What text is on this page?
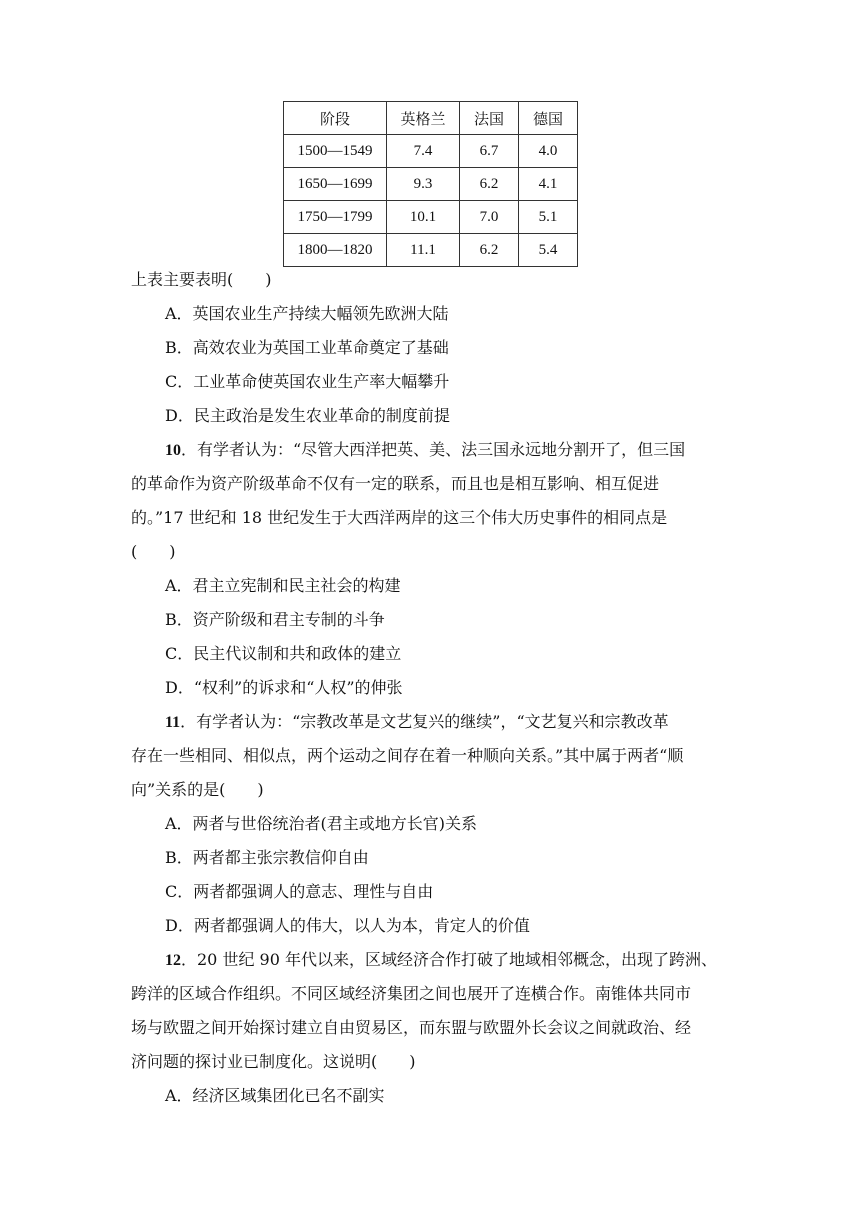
阶段	英格兰	法国	德国
1500—1549	7.4	6.7	4.0
1650—1699	9.3	6.2	4.1
1750—1799	10.1	7.0	5.1
1800—1820	11.1	6.2	5.4
上表主要表明(　　)
A．英国农业生产持续大幅领先欧洲大陆
B．高效农业为英国工业革命奠定了基础
C．工业革命使英国农业生产率大幅攀升
D．民主政治是发生农业革命的制度前提
10．有学者认为：“尽管大西洋把英、美、法三国永远地分割开了，但三国
的革命作为资产阶级革命不仅有一定的联系，而且也是相互影响、相互促进
的。”17 世纪和 18 世纪发生于大西洋两岸的这三个伟大历史事件的相同点是
(　　)
A．君主立宪制和民主社会的构建
B．资产阶级和君主专制的斗争
C．民主代议制和共和政体的建立
D．“权利”的诉求和“人权”的伸张
11．有学者认为：“宗教改革是文艺复兴的继续”，“文艺复兴和宗教改革
存在一些相同、相似点，两个运动之间存在着一种顺向关系。”其中属于两者“顺
向”关系的是(　　)
A．两者与世俗统治者(君主或地方长官)关系
B．两者都主张宗教信仰自由
C．两者都强调人的意志、理性与自由
D．两者都强调人的伟大，以人为本，肯定人的价值
12．20 世纪 90 年代以来，区域经济合作打破了地域相邻概念，出现了跨洲、
跨洋的区域合作组织。不同区域经济集团之间也展开了连横合作。南锥体共同市
场与欧盟之间开始探讨建立自由贸易区，而东盟与欧盟外长会议之间就政治、经
济问题的探讨业已制度化。这说明(　　)
A．经济区域集团化已名不副实
